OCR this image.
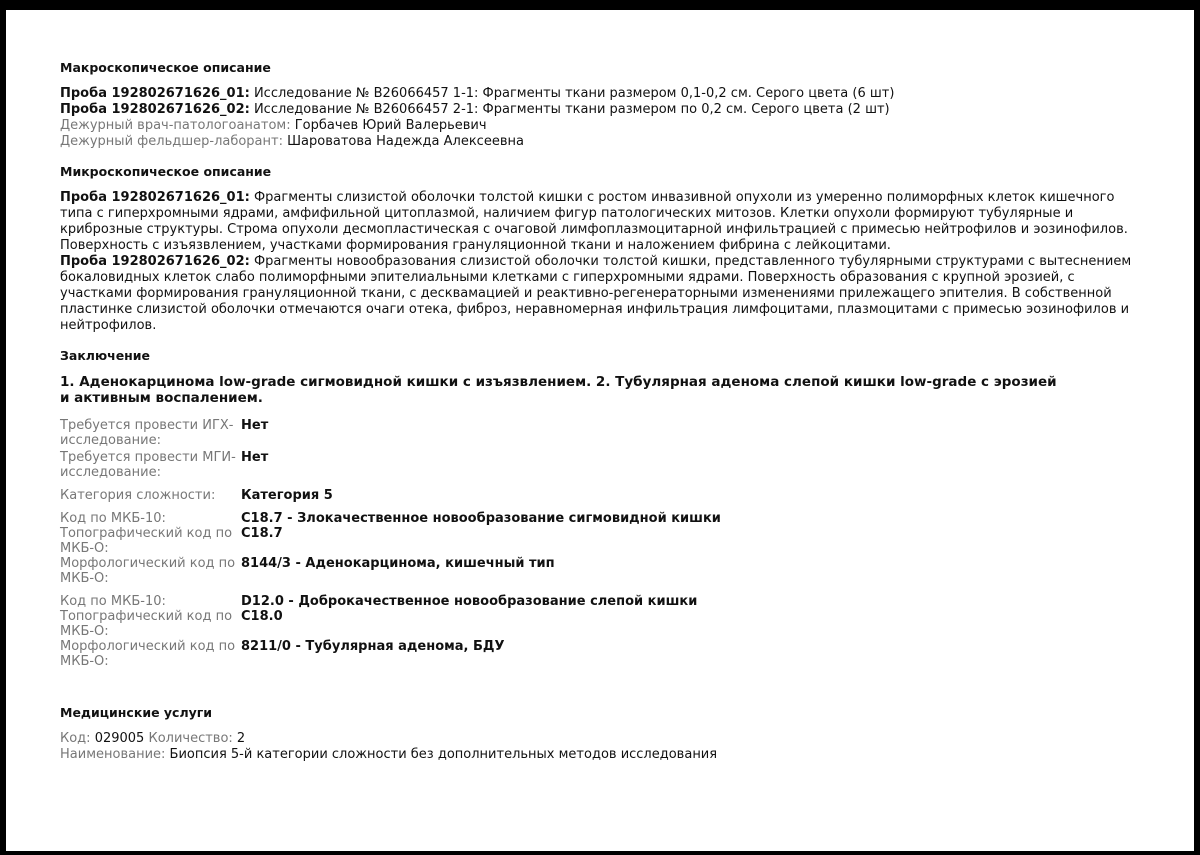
Макроскопическое описание

Проба 192802671626_01: Исследование № B26066457 1-1: Фрагменты ткани размером 0,1-0,2 см. Серого цвета (6 шт)

Проба 192802671626_02: Исследование № B26066457 2-1: Фрагменты ткани размером по 0,2 см. Серого цвета (2 шт)

Дежурный врач-патологоанатом: Горбачев Юрий Валерьевич

Дежурный фельдшер-лаборант: Шароватова Надежда Алексеевна

Микроскопическое описание

Проба 192802671626_01: Фрагменты слизистой оболочки толстой кишки с ростом инвазивной опухоли из умеренно полиморфных клеток кишечного типа с гиперхромными ядрами, амфифильной цитоплазмой, наличием фигур патологических митозов. Клетки опухоли формируют тубулярные и криброзные структуры. Строма опухоли десмопластическая с очаговой лимфоплазмоцитарной инфильтрацией с примесью нейтрофилов и эозинофилов. Поверхность с изъязвлением, участками формирования грануляционной ткани и наложением фибрина с лейкоцитами.

Проба 192802671626_02: Фрагменты новообразования слизистой оболочки толстой кишки, представленного тубулярными структурами с вытеснением бокаловидных клеток слабо полиморфными эпителиальными клетками с гиперхромными ядрами. Поверхность образования с крупной эрозией, с участками формирования грануляционной ткани, с десквамацией и реактивно-регенераторными изменениями прилежащего эпителия. В собственной пластинке слизистой оболочки отмечаются очаги отека, фиброз, неравномерная инфильтрация лимфоцитами, плазмоцитами с примесью эозинофилов и нейтрофилов.

Заключение

1. Аденокарцинома low-grade сигмовидной кишки с изъязвлением. 2. Тубулярная аденома слепой кишки low-grade с эрозией и активным воспалением.

Требуется провести ИГХ-исследование:	Нет
Требуется провести МГИ-исследование:	Нет
Категория сложности:	Категория 5
Код по МКБ-10:	C18.7 - Злокачественное новообразование сигмовидной кишки
Топографический код по МКБ-О:	C18.7
Морфологический код по МКБ-О:	8144/3 - Аденокарцинома, кишечный тип
Код по МКБ-10:	D12.0 - Доброкачественное новообразование слепой кишки
Топографический код по МКБ-О:	C18.0
Морфологический код по МКБ-О:	8211/0 - Тубулярная аденома, БДУ
Медицинские услуги

Код: 029005 Количество: 2

Наименование: Биопсия 5-й категории сложности без дополнительных методов исследования
